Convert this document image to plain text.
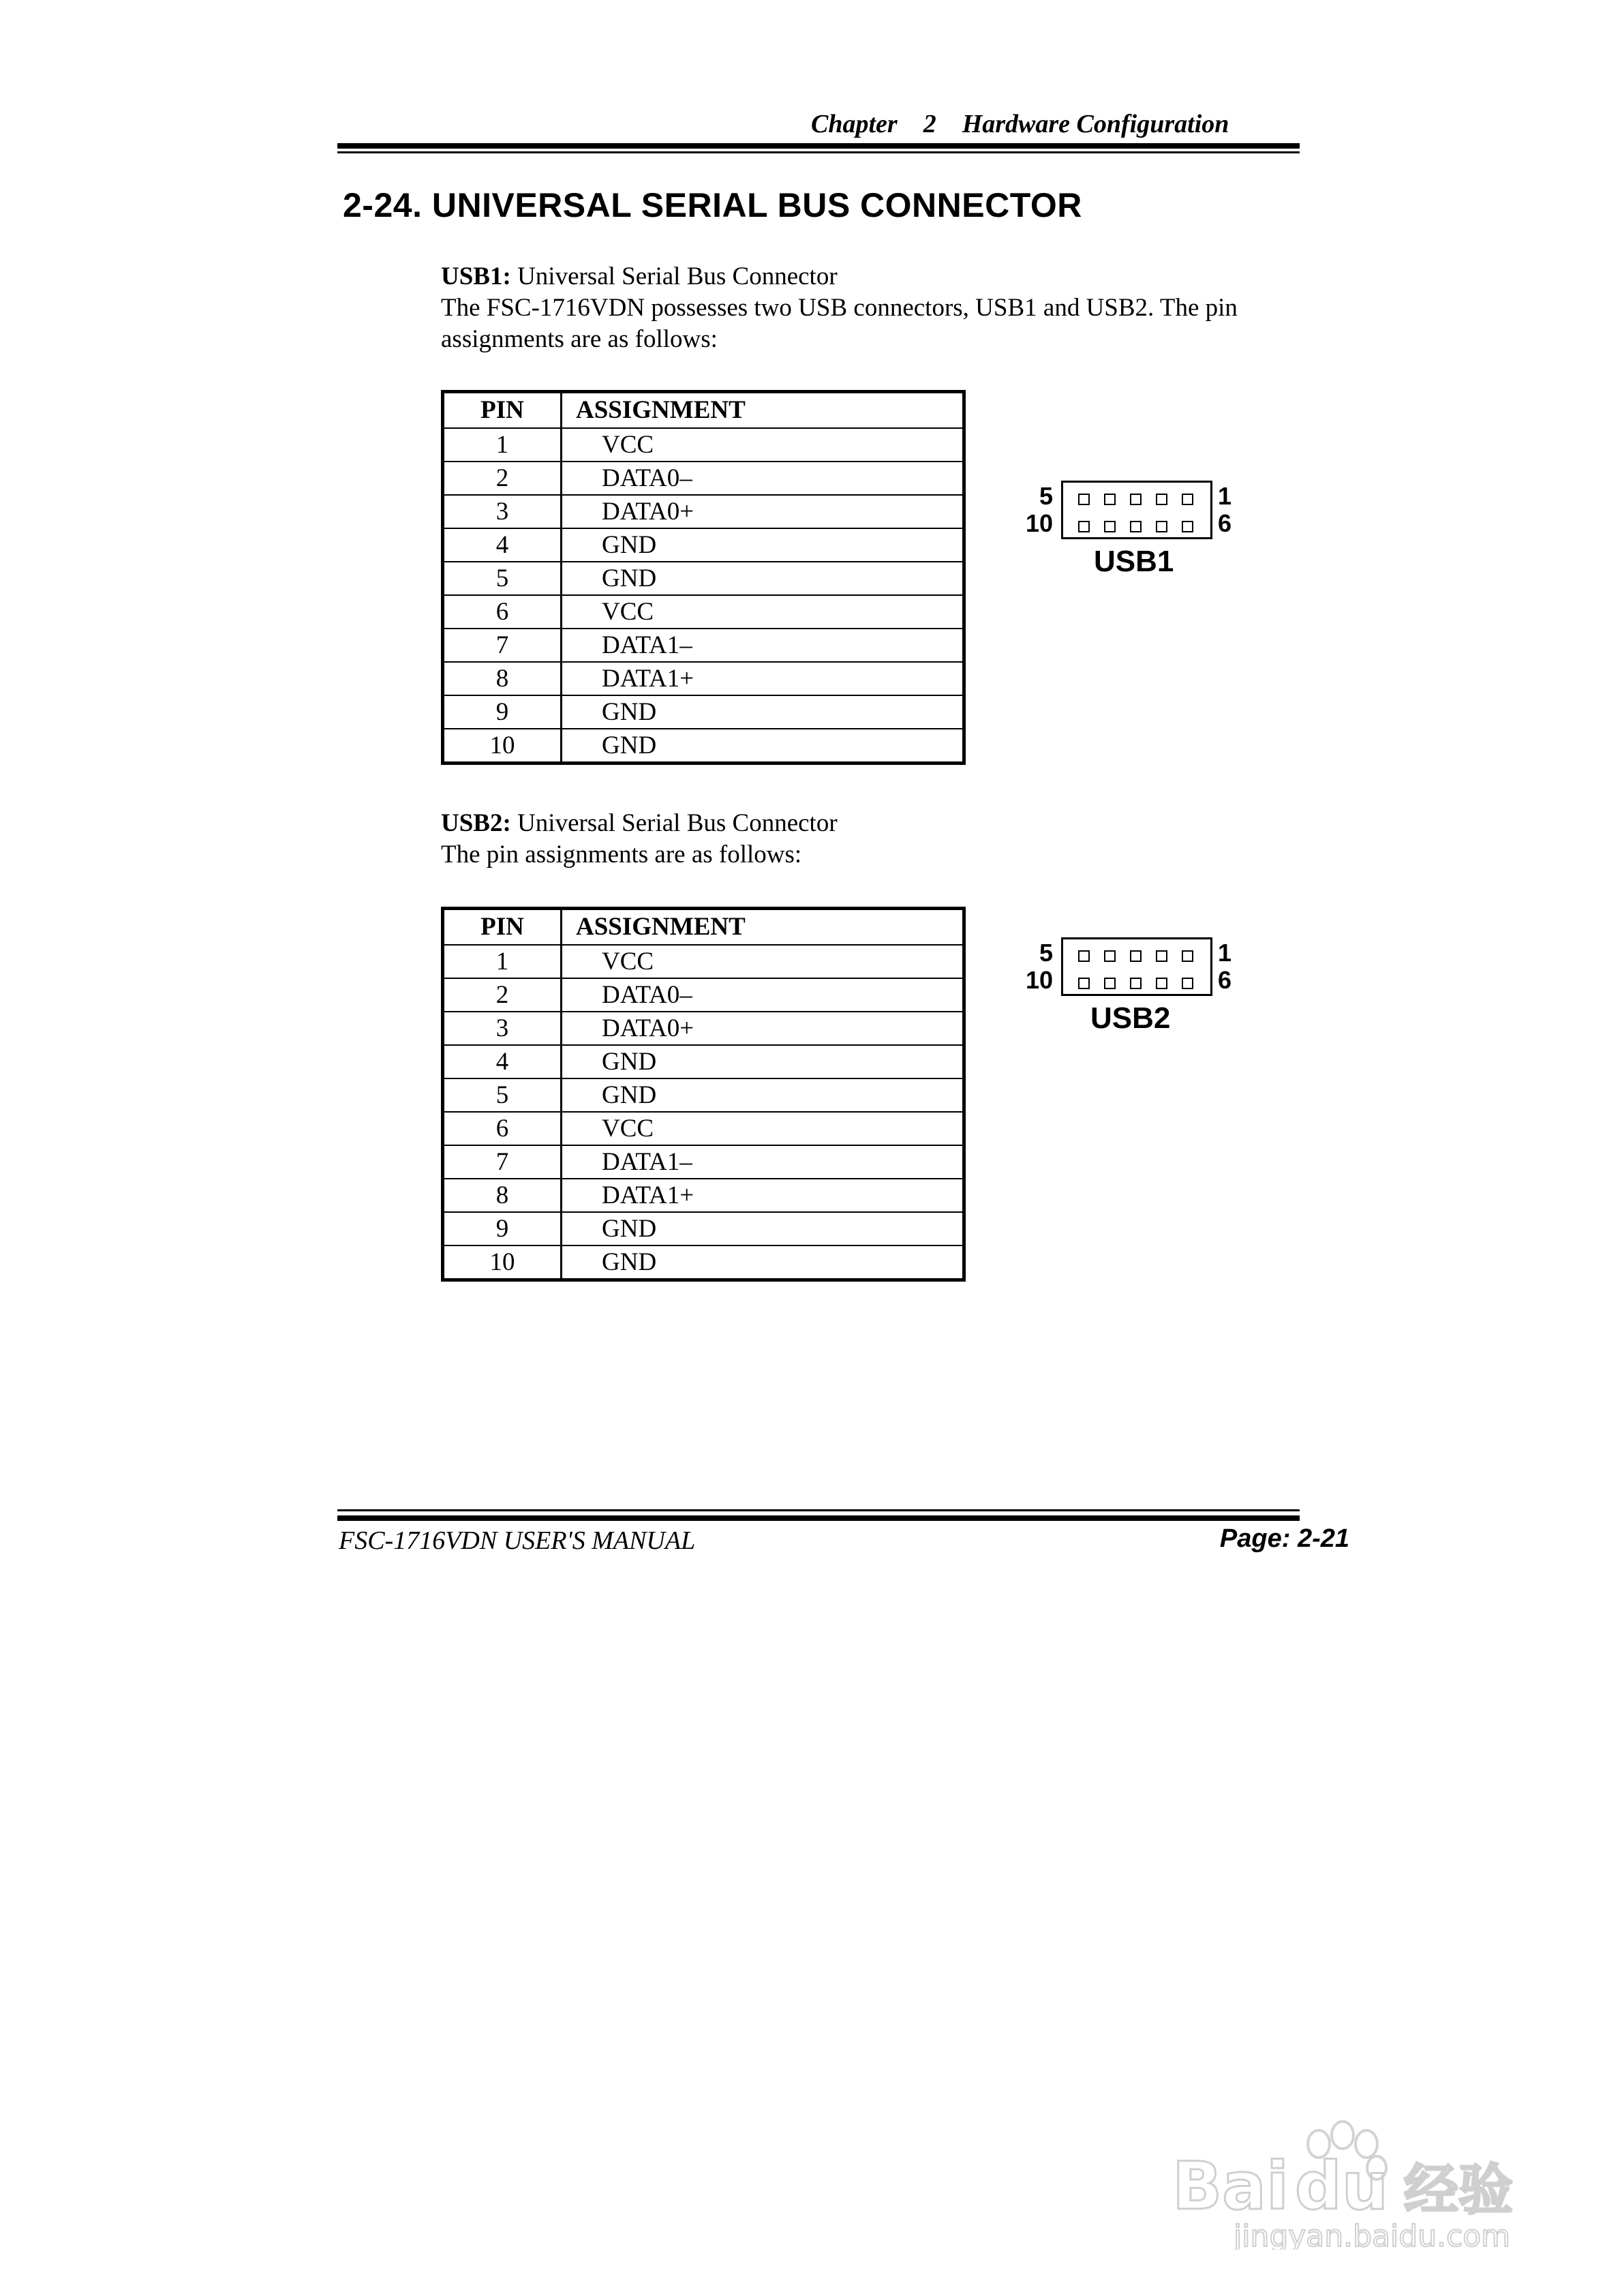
Chapter    2    Hardware Configuration
2-24. UNIVERSAL SERIAL BUS CONNECTOR
USB1: Universal Serial Bus Connector
The FSC-1716VDN possesses two USB connectors, USB1 and USB2. The pin
assignments are as follows:
PIN	ASSIGNMENT
1	VCC
2	DATA0–
3	DATA0+
4	GND
5	GND
6	VCC
7	DATA1–
8	DATA1+
9	GND
10	GND
5
10
1
6
USB1
USB2: Universal Serial Bus Connector
The pin assignments are as follows:
PIN	ASSIGNMENT
1	VCC
2	DATA0–
3	DATA0+
4	GND
5	GND
6	VCC
7	DATA1–
8	DATA1+
9	GND
10	GND
5
10
1
6
USB2
FSC-1716VDN USER'S MANUAL	Page: 2-21
Bai du 经验
jingyan.baidu.com
